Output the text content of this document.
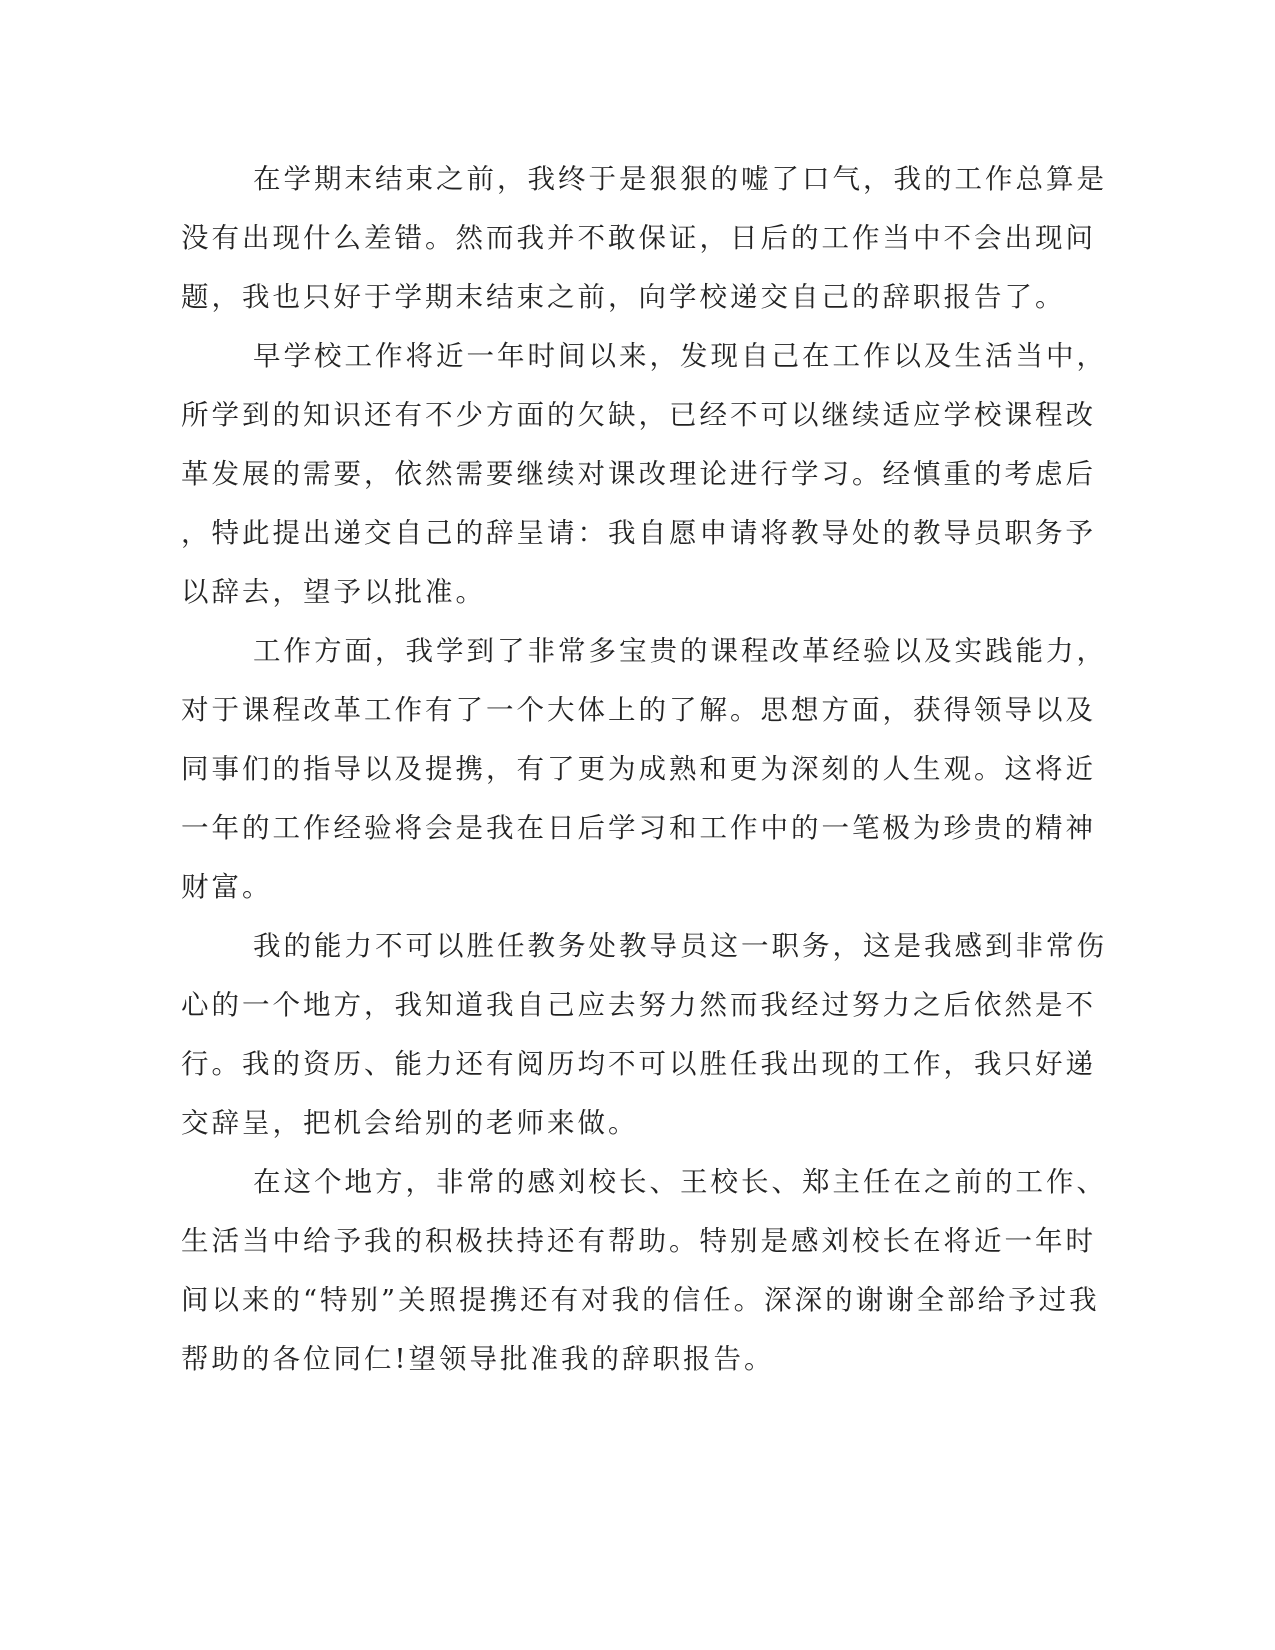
在学期末结束之前，我终于是狠狠的嘘了口气，我的工作总算是
没有出现什么差错。然而我并不敢保证，日后的工作当中不会出现问
题，我也只好于学期末结束之前，向学校递交自己的辞职报告了。
早学校工作将近一年时间以来，发现自己在工作以及生活当中，
所学到的知识还有不少方面的欠缺，已经不可以继续适应学校课程改
革发展的需要，依然需要继续对课改理论进行学习。经慎重的考虑后
，特此提出递交自己的辞呈请：我自愿申请将教导处的教导员职务予
以辞去，望予以批准。
工作方面，我学到了非常多宝贵的课程改革经验以及实践能力，
对于课程改革工作有了一个大体上的了解。思想方面，获得领导以及
同事们的指导以及提携，有了更为成熟和更为深刻的人生观。这将近
一年的工作经验将会是我在日后学习和工作中的一笔极为珍贵的精神
财富。
我的能力不可以胜任教务处教导员这一职务，这是我感到非常伤
心的一个地方，我知道我自己应去努力然而我经过努力之后依然是不
行。我的资历、能力还有阅历均不可以胜任我出现的工作，我只好递
交辞呈，把机会给别的老师来做。
在这个地方，非常的感刘校长、王校长、郑主任在之前的工作、
生活当中给予我的积极扶持还有帮助。特别是感刘校长在将近一年时
间以来的“特别”关照提携还有对我的信任。深深的谢谢全部给予过我
帮助的各位同仁!望领导批准我的辞职报告。
